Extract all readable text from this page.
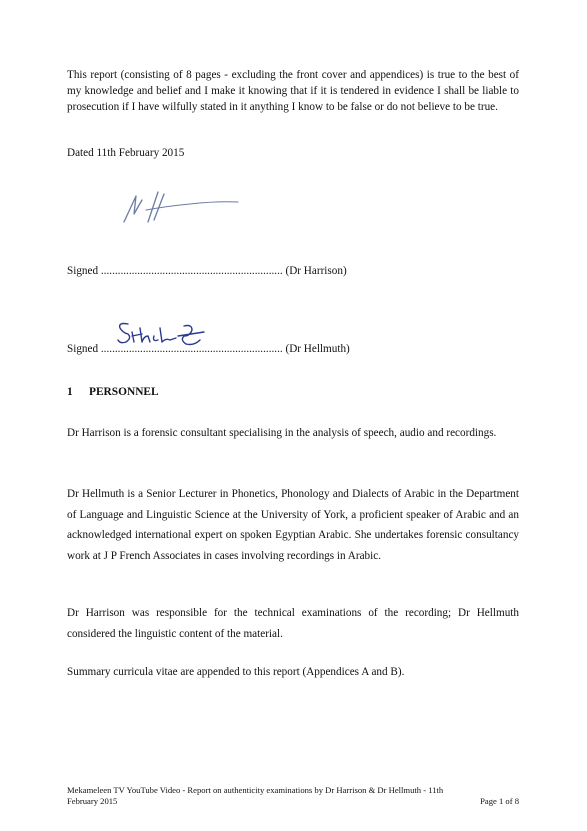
This report (consisting of 8 pages - excluding the front cover and appendices) is true to the best of my knowledge and belief and I make it knowing that if it is tendered in evidence I shall be liable to prosecution if I have wilfully stated in it anything I know to be false or do not believe to be true.

Dated 11th February 2015
Signed ................................................................. (Dr Harrison)
Signed ................................................................. (Dr Hellmuth)
1 PERSONNEL

Dr Harrison is a forensic consultant specialising in the analysis of speech, audio and recordings.

Dr Hellmuth is a Senior Lecturer in Phonetics, Phonology and Dialects of Arabic in the Department of Language and Linguistic Science at the University of York, a proficient speaker of Arabic and an acknowledged international expert on spoken Egyptian Arabic. She undertakes forensic consultancy work at J P French Associates in cases involving recordings in Arabic.

Dr Harrison was responsible for the technical examinations of the recording; Dr Hellmuth considered the linguistic content of the material.

Summary curricula vitae are appended to this report (Appendices A and B).

Mekameleen TV YouTube Video - Report on authenticity examinations by Dr Harrison & Dr Hellmuth - 11th
February 2015	Page 1 of 8
